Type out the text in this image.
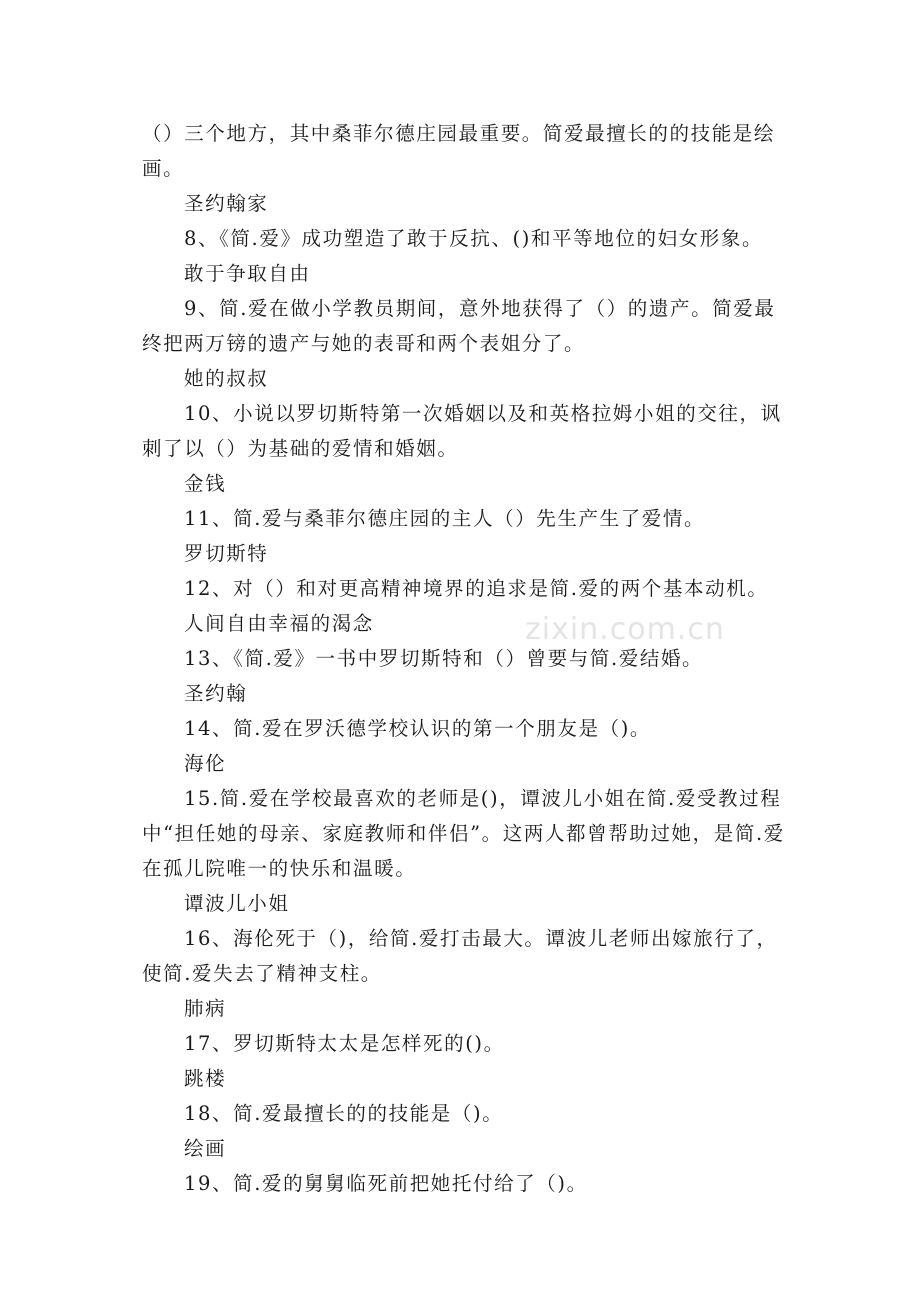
zixin.com.cn

（）三个地方，其中桑菲尔德庄园最重要。简爱最擅长的的技能是绘画。

圣约翰家

8、《简.爱》成功塑造了敢于反抗、()和平等地位的妇女形象。

敢于争取自由

9、简.爱在做小学教员期间，意外地获得了（）的遗产。简爱最终把两万镑的遗产与她的表哥和两个表姐分了。

她的叔叔

10、小说以罗切斯特第一次婚姻以及和英格拉姆小姐的交往，讽刺了以（）为基础的爱情和婚姻。

金钱

11、简.爱与桑菲尔德庄园的主人（）先生产生了爱情。

罗切斯特

12、对（）和对更高精神境界的追求是简.爱的两个基本动机。

人间自由幸福的渴念

13、《简.爱》一书中罗切斯特和（）曾要与简.爱结婚。

圣约翰

14、简.爱在罗沃德学校认识的第一个朋友是（)。

海伦

15.简.爱在学校最喜欢的老师是()，谭波儿小姐在简.爱受教过程中“担任她的母亲、家庭教师和伴侣”。这两人都曾帮助过她，是简.爱在孤儿院唯一的快乐和温暖。

谭波儿小姐

16、海伦死于（)，给简.爱打击最大。谭波儿老师出嫁旅行了，使简.爱失去了精神支柱。

肺病

17、罗切斯特太太是怎样死的()。

跳楼

18、简.爱最擅长的的技能是（)。

绘画

19、简.爱的舅舅临死前把她托付给了（)。
